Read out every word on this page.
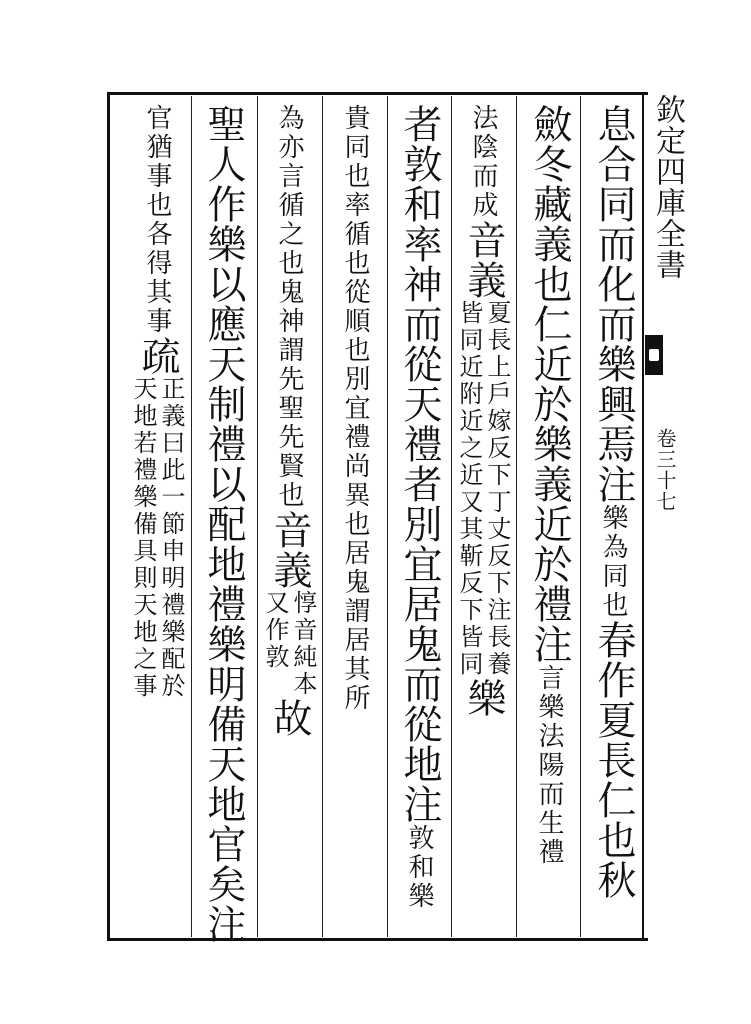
欽定四庫全書
卷三十七
息合同而化而樂興焉注樂為同也春作夏長仁也秋
斂冬藏義也仁近於樂義近於禮注言樂法陽而生禮
法陰而成音義
夏長上戶嫁反下丁丈反下注長養
皆同近附近之近又其靳反下皆同
樂
者敦和率神而從天禮者別宜居鬼而從地注敦和樂
貴同也率循也從順也別宜禮尚異也居鬼謂居其所
為亦言循之也鬼神謂先聖先賢也音義
惇音純本
又作敦
故
聖人作樂以應天制禮以配地禮樂明備天地官矣注
官猶事也各得其事疏
正義曰此一節申明禮樂配於
天地若禮樂備具則天地之事
